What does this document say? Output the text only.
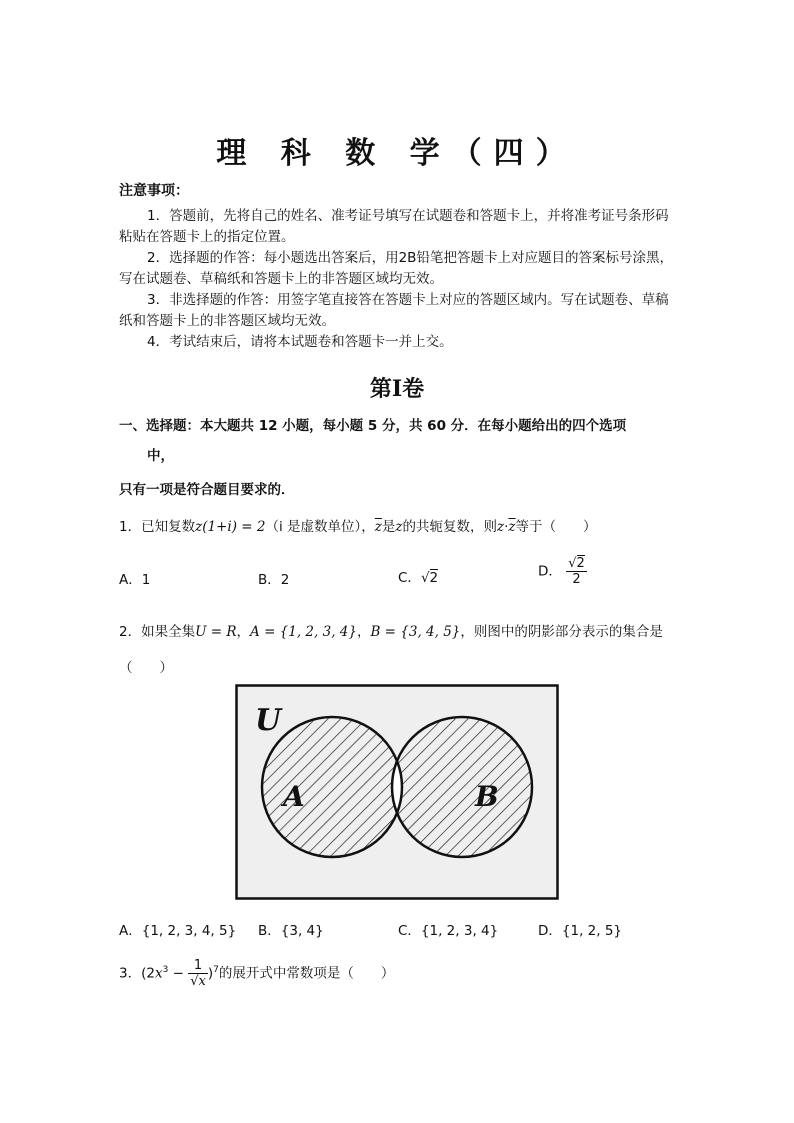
理 科 数 学（四）
注意事项：
1．答题前，先将自己的姓名、准考证号填写在试题卷和答题卡上，并将准考证号条形码粘贴在答题卡上的指定位置。
2．选择题的作答：每小题选出答案后，用2B铅笔把答题卡上对应题目的答案标号涂黑，写在试题卷、草稿纸和答题卡上的非答题区域均无效。
3．非选择题的作答：用签字笔直接答在答题卡上对应的答题区域内。写在试题卷、草稿纸和答题卡上的非答题区域均无效。
4．考试结束后，请将本试题卷和答题卡一并上交。
第Ⅰ卷
一、选择题：本大题共 12 小题，每小题 5 分，共 60 分．在每小题给出的四个选项
中，
只有一项是符合题目要求的．
1．已知复数z(1+i) = 2（i 是虚数单位），$\overline{z}$是z的共轭复数，则$z\cdot\overline{z}$等于（　　）
A．1	B．2	C．√2	D． $\frac{√2}{2}$
2．如果全集U = R，A = {1, 2, 3, 4}，B = {3, 4, 5}，则图中的阴影部分表示的集合是
（　　）
U
A	B
A．{1, 2, 3, 4, 5} B．{3, 4}	C．{1, 2, 3, 4}	D．{1, 2, 5}
3．$(2x^3 - \frac{1}{√x} )^7$的展开式中常数项是（　　）
